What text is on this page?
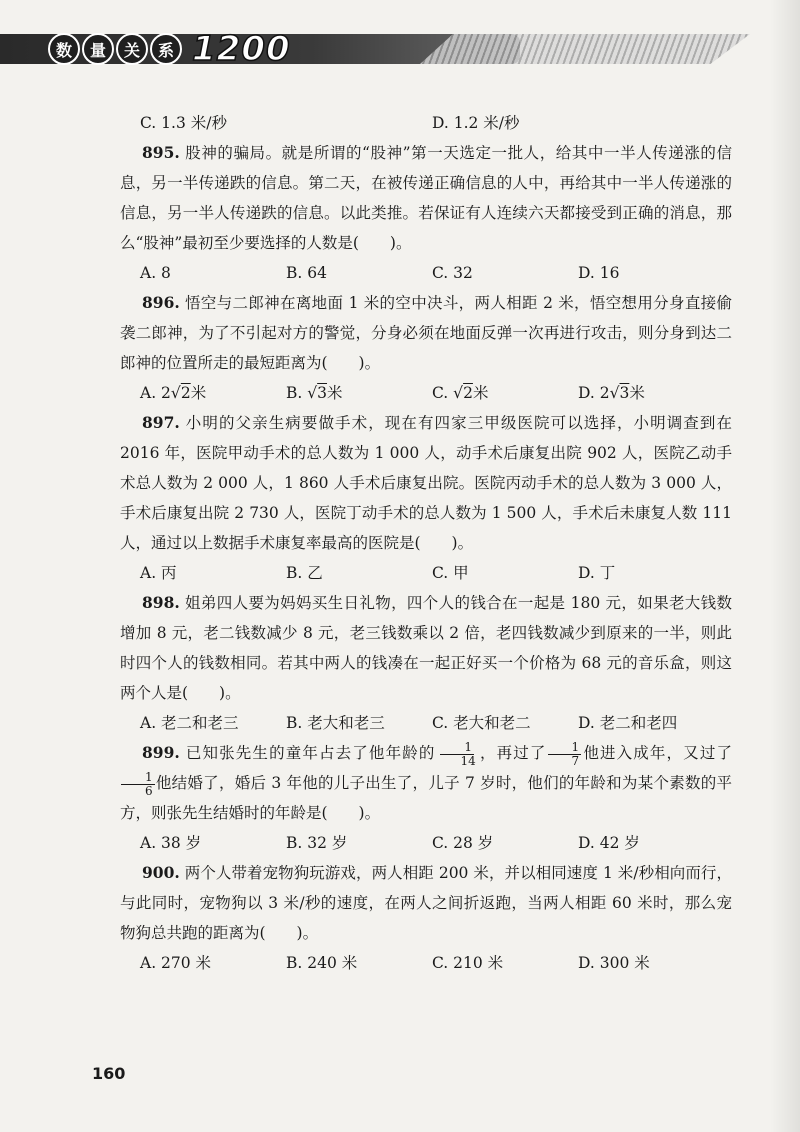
数	量	关	系 1200
C. 1.3 米/秒	D. 1.2 米/秒
895. 股神的骗局。就是所谓的“股神”第一天选定一批人，给其中一半人传递涨的信息，另一半传递跌的信息。第二天，在被传递正确信息的人中，再给其中一半人传递涨的信息，另一半人传递跌的信息。以此类推。若保证有人连续六天都接受到正确的消息，那么“股神”最初至少要选择的人数是(　　)。
A. 8	B. 64	C. 32	D. 16
896. 悟空与二郎神在离地面 1 米的空中决斗，两人相距 2 米，悟空想用分身直接偷袭二郎神，为了不引起对方的警觉，分身必须在地面反弹一次再进行攻击，则分身到达二郎神的位置所走的最短距离为(　　)。
A. 2√2米	B. √3米	C. √2米	D. 2√3米
897. 小明的父亲生病要做手术，现在有四家三甲级医院可以选择，小明调查到在 2016 年，医院甲动手术的总人数为 1 000 人，动手术后康复出院 902 人，医院乙动手术总人数为 2 000 人，1 860 人手术后康复出院。医院丙动手术的总人数为 3 000 人，手术后康复出院 2 730 人，医院丁动手术的总人数为 1 500 人，手术后未康复人数 111 人，通过以上数据手术康复率最高的医院是(　　)。
A. 丙	B. 乙	C. 甲	D. 丁
898. 姐弟四人要为妈妈买生日礼物，四个人的钱合在一起是 180 元，如果老大钱数增加 8 元，老二钱数减少 8 元，老三钱数乘以 2 倍，老四钱数减少到原来的一半，则此时四个人的钱数相同。若其中两人的钱凑在一起正好买一个价格为 68 元的音乐盒，则这两个人是(　　)。
A. 老二和老三	B. 老大和老三	C. 老大和老二	D. 老二和老四
899. 已知张先生的童年占去了他年龄的 $\frac{1}{14}$ ，再过了 $\frac{1}{7}$ 他进入成年，又过了
$\frac{1}{6}$ 他结婚了，婚后 3 年他的儿子出生了，儿子 7 岁时，他们的年龄和为某个素数的平方，则张先生结婚时的年龄是(　　)。
A. 38 岁	B. 32 岁	C. 28 岁	D. 42 岁
900. 两个人带着宠物狗玩游戏，两人相距 200 米，并以相同速度 1 米/秒相向而行，与此同时，宠物狗以 3 米/秒的速度，在两人之间折返跑，当两人相距 60 米时，那么宠物狗总共跑的距离为(　　)。
A. 270 米	B. 240 米	C. 210 米	D. 300 米
160
